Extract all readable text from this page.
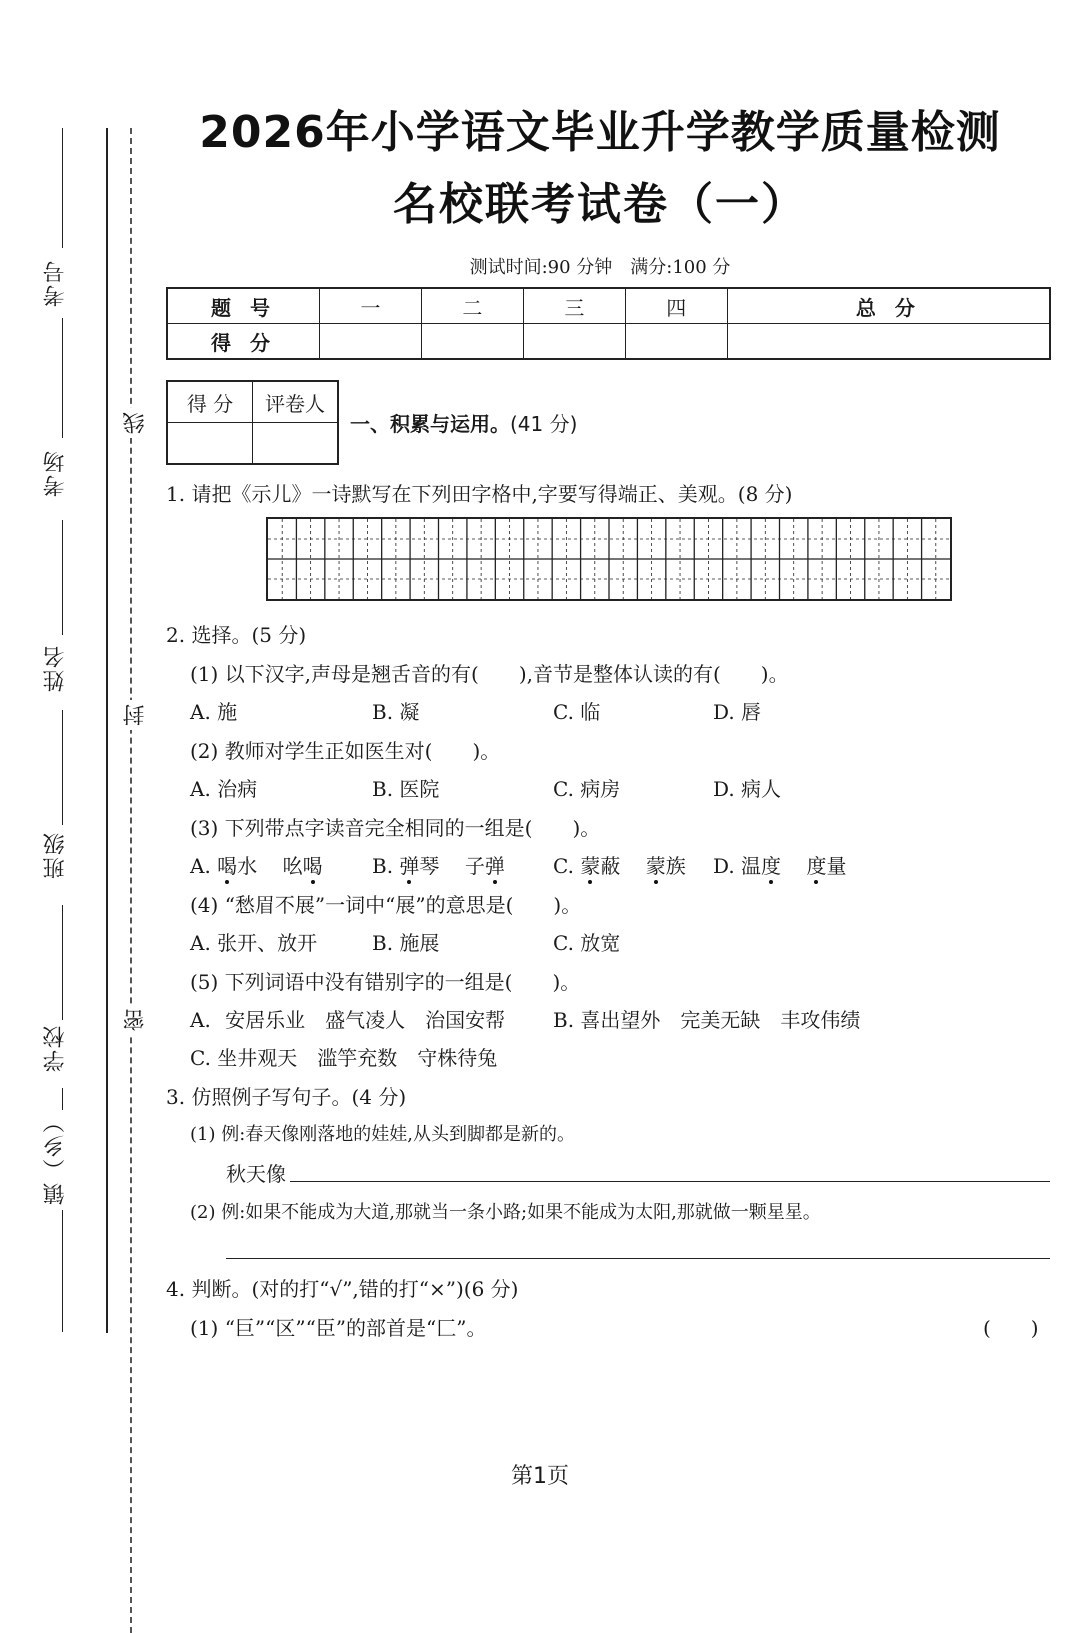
考号
考场
姓名
班级
学校
镇（乡）
线
封
密
2026年小学语文毕业升学教学质量检测
名校联考试卷（一）
测试时间:90 分钟　满分:100 分
题 号	一	二	三	四	总 分
得 分					
得 分	评卷人

一、积累与运用。(41 分)
1. 请把《示儿》一诗默写在下列田字格中,字要写得端正、美观。(8 分)
2. 选择。(5 分)
(1) 以下汉字,声母是翘舌音的有(　　),音节是整体认读的有(　　)。
A. 施	B. 凝	C. 临	D. 唇
(2) 教师对学生正如医生对(　　)。
A. 治病	B. 医院	C. 病房	D. 病人
(3) 下列带点字读音完全相同的一组是(　　)。
A. 喝水 吆喝 B. 弹琴 子弹 C. 蒙蔽 蒙族 D. 温度 度量
(4) “愁眉不展”一词中“展”的意思是(　　)。
A. 张开、放开	B. 施展	C. 放宽
(5) 下列词语中没有错别字的一组是(　　)。
A. 安居乐业　盛气凌人　治国安帮 B. 喜出望外　完美无缺　丰攻伟绩
C. 坐井观天　滥竽充数　守株待兔
3. 仿照例子写句子。(4 分)
(1) 例:春天像刚落地的娃娃,从头到脚都是新的。
秋天像
(2) 例:如果不能成为大道,那就当一条小路;如果不能成为太阳,那就做一颗星星。
4. 判断。(对的打“√”,错的打“×”)(6 分)
(1) “巨”“区”“臣”的部首是“匚”。	(　　)
第1页
